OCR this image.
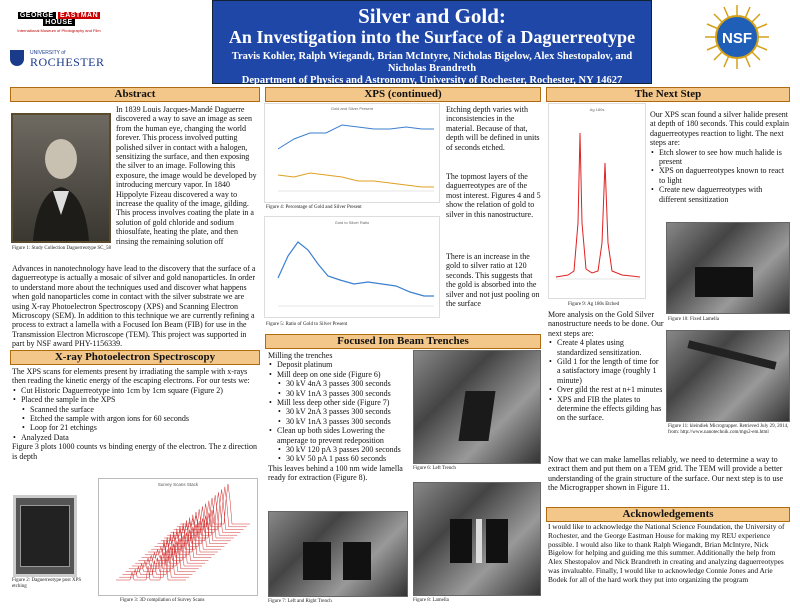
GEORGE EASTMAN HOUSE
International Museum of Photography and Film
UNIVERSITY of
ROCHESTER
Silver and Gold:
An Investigation into the Surface of a Daguerreotype
Travis Kohler, Ralph Wiegandt, Brian McIntyre, Nicholas Bigelow, Alex Shestopalov, and Nicholas Brandreth
Department of Physics and Astronomy, University of Rochester, Rochester, NY 14627
NSF
Abstract
Figure 1: Study Collection Daguerreotype SC_58
In 1839 Louis Jacques-Mandé Daguerre discovered a way to save an image as seen from the human eye, changing the world forever. This process involved putting polished silver in contact with a halogen, sensitizing the surface, and then exposing the silver to an image. Following this exposure, the image would be developed by introducing mercury vapor. In 1840 Hippolyte Fizeau discovered a way to increase the quality of the image, gilding. This process involves coating the plate in a solution of gold chloride and sodium thiosulfate, heating the plate, and then rinsing the remaining solution off
Advances in nanotechnology have lead to the discovery that the surface of a daguerreotype is actually a mosaic of silver and gold nanoparticles. In order to understand more about the techniques used and discover what happens when gold nanoparticles come in contact with the silver substrate we are using X-ray Photoelectron Spectroscopy (XPS) and Scanning Electron Microscopy (SEM). In addition to this technique we are currently refining a process to extract a lamella with a Focused Ion Beam (FIB) for use in the Transmission Electron Microscope (TEM). This project was supported in part by NSF award PHY-1156339.
X-ray Photoelectron Spectroscopy
The XPS scans for elements present by irradiating the sample with x-rays then reading the kinetic energy of the escaping electrons. For our tests we:
• Cut Historic Daguerreotype into 1cm by 1cm square (Figure 2)
• Placed the sample in the XPS
• Scanned the surface
• Etched the sample with argon ions for 60 seconds
• Loop for 21 etchings
• Analyzed Data
Figure 3 plots 1000 counts vs binding energy of the electron. The z direction is depth
Figure 2: Daguerreotype post XPS etching
Survey Scans Stack
Figure 3: 3D compilation of Survey Scans
XPS (continued)
Gold and Silver Present
Figure 4: Percentage of Gold and Silver Present
Gold to Silver Ratio
Figure 5: Ratio of Gold to Silver Present
Etching depth varies with inconsistencies in the material. Because of that, depth will be defined in units of seconds etched.
The topmost layers of the daguerreotypes are of the most interest. Figures 4 and 5 show the relation of gold to silver in this nanostructure.
There is an increase in the gold to silver ratio at 120 seconds. This suggests that the gold is absorbed into the silver and not just pooling on the surface
Focused Ion Beam Trenches
Milling the trenches
• Deposit platinum
• Mill deep on one side (Figure 6)
• 30 kV 4nA 3 passes 300 seconds
• 30 kV 1nA 3 passes 300 seconds
• Mill less deep other side (Figure 7)
• 30 kV 2nA 3 passes 300 seconds
• 30 kV 1nA 3 passes 300 seconds
• Clean up both sides Lowering the amperage to prevent redeposition
• 30 kV 120 pA 3 passes 200 seconds
• 30 kV 50 pA 1 pass 60 seconds
This leaves behind a 100 nm wide lamella ready for extraction (Figure 8).
Figure 6: Left Trench
Figure 7: Left and Right Trench	Figure 8: Lamella
The Next Step
Ag 180s
Figure 9: Ag 180s Etched
Our XPS scan found a silver halide present at depth of 180 seconds. This could explain daguerreotypes reaction to light. The next steps are:
• Etch slower to see how much halide is present
• XPS on daguerreotypes known to react to light
• Create new daguerreotypes with different sensitization
Figure 10: Fixed Lamella
More analysis on the Gold Silver nanostructure needs to be done. Our next steps are:
• Create 4 plates using standardized sensitization.
• Gild 1 for the length of time for a satisfactory image (roughly 1 minute)
• Over gild the rest at n+1 minutes
• XPS and FIB the plates to determine the effects gilding has on the surface.
Figure 11: kleindiek Micrograpper. Retrieved July 29, 2014, from: http://www.nanotechnik.com/mgs2-em.html
Now that we can make lamellas reliably, we need to determine a way to extract them and put them on a TEM grid. The TEM will provide a better understanding of the grain structure of the surface. Our next step is to use the Micrograpper shown in Figure 11.
Acknowledgements
I would like to acknowledge the National Science Foundation, the University of Rochester, and the George Eastman House for making my REU experience possible. I would also like to thank Ralph Wiegandt, Brian McIntyre, Nick Bigelow for helping and guiding me this summer. Additionally the help from Alex Shestopalov and Nick Brandreth in creating and analyzing daguerreotypes was invaluable. Finally, I would like to acknowledge Connie Jones and Arie Bodek for all of the hard work they put into organizing the program
